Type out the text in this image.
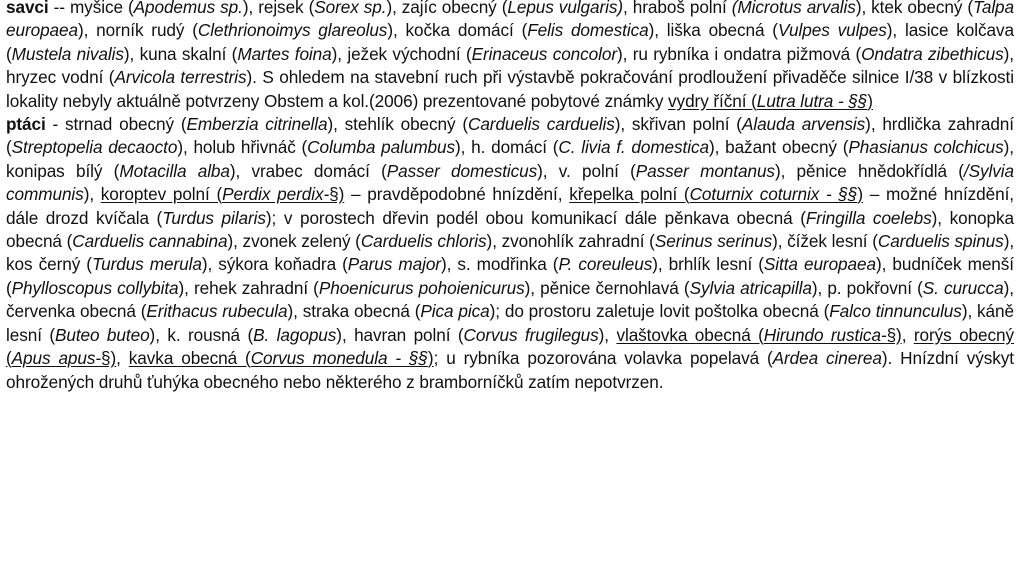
savci -- myšice (Apodemus sp.), rejsek (Sorex sp.), zajíc obecný (Lepus vulgaris), hraboš polní (Microtus arvalis), ktek obecný (Talpa europaea), norník rudý (Clethrionoimys glareolus), kočka domácí (Felis domestica), liška obecná (Vulpes vulpes), lasice kolčava (Mustela nivalis), kuna skalní (Martes foina), ježek východní (Erinaceus concolor), ru rybníka i ondatra pižmová (Ondatra zibethicus), hryzec vodní (Arvicola terrestris). S ohledem na stavební ruch při výstavbě pokračování prodloužení přivaděče silnice I/38 v blízkosti lokality nebyly aktuálně potvrzeny Obstem a kol.(2006) prezentované pobytové známky vydry říční (Lutra lutra - §§)

ptáci - strnad obecný (Emberzia citrinella), stehlík obecný (Carduelis carduelis), skřivan polní (Alauda arvensis), hrdlička zahradní (Streptopelia decaocto), holub hřivnáč (Columba palumbus), h. domácí (C. livia f. domestica), bažant obecný (Phasianus colchicus), konipas bílý (Motacilla alba), vrabec domácí (Passer domesticus), v. polní (Passer montanus), pěnice hnědokřídlá (/Sylvia communis), koroptev polní (Perdix perdix-§) – pravděpodobné hnízdění, křepelka polní (Coturnix coturnix - §§) – možné hnízdění, dále drozd kvíčala (Turdus pilaris); v porostech dřevin podél obou komunikací dále pěnkava obecná (Fringilla coelebs), konopka obecná (Carduelis cannabina), zvonek zelený (Carduelis chloris), zvonohlík zahradní (Serinus serinus), čížek lesní (Carduelis spinus), kos černý (Turdus merula), sýkora koňadra (Parus major), s. modřinka (P. coreuleus), brhlík lesní (Sitta europaea), budníček menší (Phylloscopus collybita), rehek zahradní (Phoenicurus pohoienicurus), pěnice černohlavá (Sylvia atricapilla), p. pokřovní (S. curucca), červenka obecná (Erithacus rubecula), straka obecná (Pica pica); do prostoru zaletuje lovit poštolka obecná (Falco tinnunculus), káně lesní (Buteo buteo), k. rousná (B. lagopus), havran polní (Corvus frugilegus), vlaštovka obecná (Hirundo rustica-§), rorýs obecný (Apus apus-§), kavka obecná (Corvus monedula - §§); u rybníka pozorována volavka popelavá (Ardea cinerea). Hnízdní výskyt ohrožených druhů ťuhýka obecného nebo některého z bramborníčků zatím nepotvrzen.
